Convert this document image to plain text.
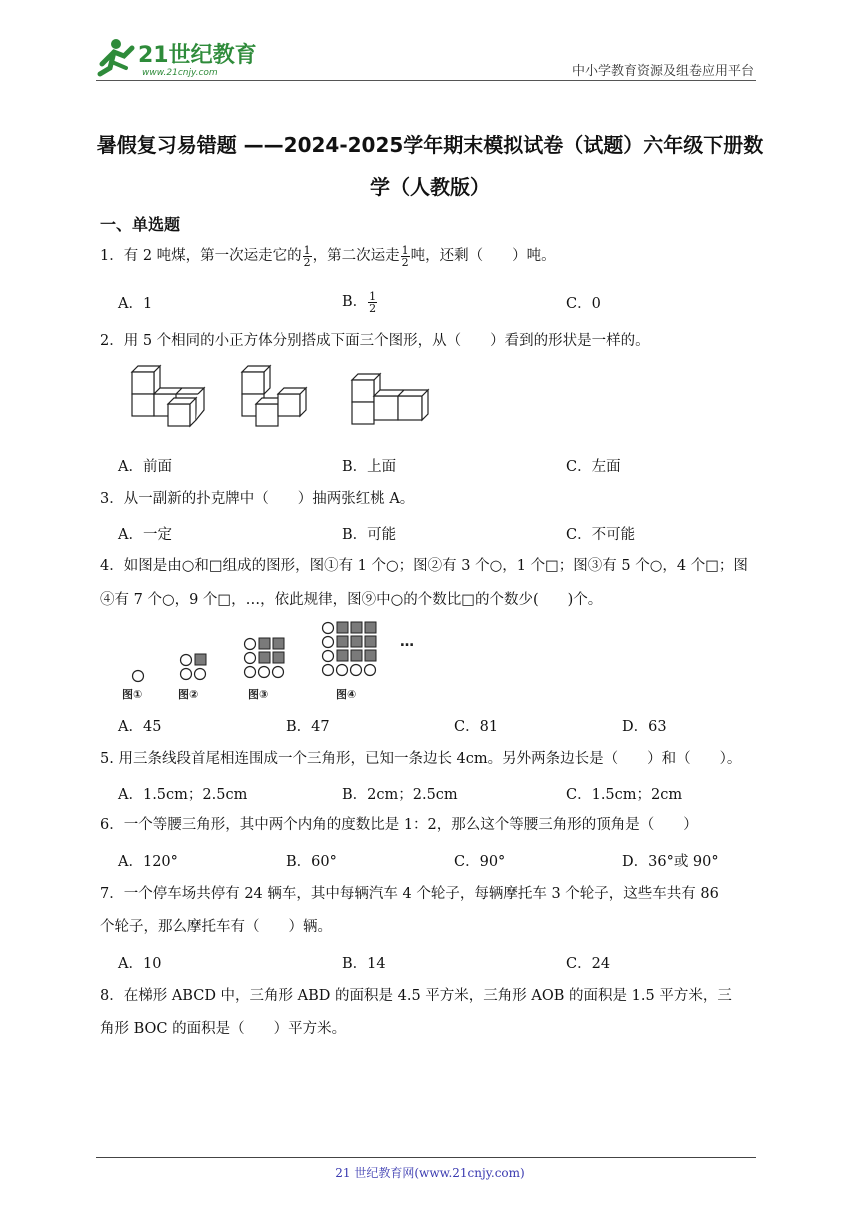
21世纪教育
www.21cnjy.com	中小学教育资源及组卷应用平台
暑假复习易错题 ——2024-2025学年期末模拟试卷（试题）六年级下册数
学（人教版）
一、单选题
1．有 2 吨煤，第一次运走它的 $\frac{1}{2}$ ，第二次运走 $\frac{1}{2}$ 吨，还剩（　　）吨。
A．1	B． $\frac{1}{2}$	C．0
2．用 5 个相同的小正方体分别搭成下面三个图形，从（　　）看到的形状是一样的。
A．前面	B．上面	C．左面
3．从一副新的扑克牌中（　　）抽两张红桃 A。
A．一定	B．可能	C．不可能
4．如图是由○和□组成的图形，图①有 1 个○；图②有 3 个○，1 个□；图③有 5 个○，4 个□；图
④有 7 个○，9 个□，…，依此规律，图⑨中○的个数比□的个数少(　　)个。
图①	图②	图③	图④
…
A．45	B．47	C．81	D．63
5. 用三条线段首尾相连围成一个三角形，已知一条边长 4cm。另外两条边长是（　　）和（　　）。
A．1.5cm；2.5cm	B．2cm；2.5cm	C．1.5cm；2cm
6．一个等腰三角形，其中两个内角的度数比是 1：2，那么这个等腰三角形的顶角是（　　）
A．120°	B．60°	C．90°	D．36°或 90°
7．一个停车场共停有 24 辆车，其中每辆汽车 4 个轮子，每辆摩托车 3 个轮子，这些车共有 86
个轮子，那么摩托车有（　　）辆。
A．10	B．14	C．24
8．在梯形 ABCD 中，三角形 ABD 的面积是 4.5 平方米，三角形 AOB 的面积是 1.5 平方米，三
角形 BOC 的面积是（　　）平方米。
21 世纪教育网(www.21cnjy.com)
